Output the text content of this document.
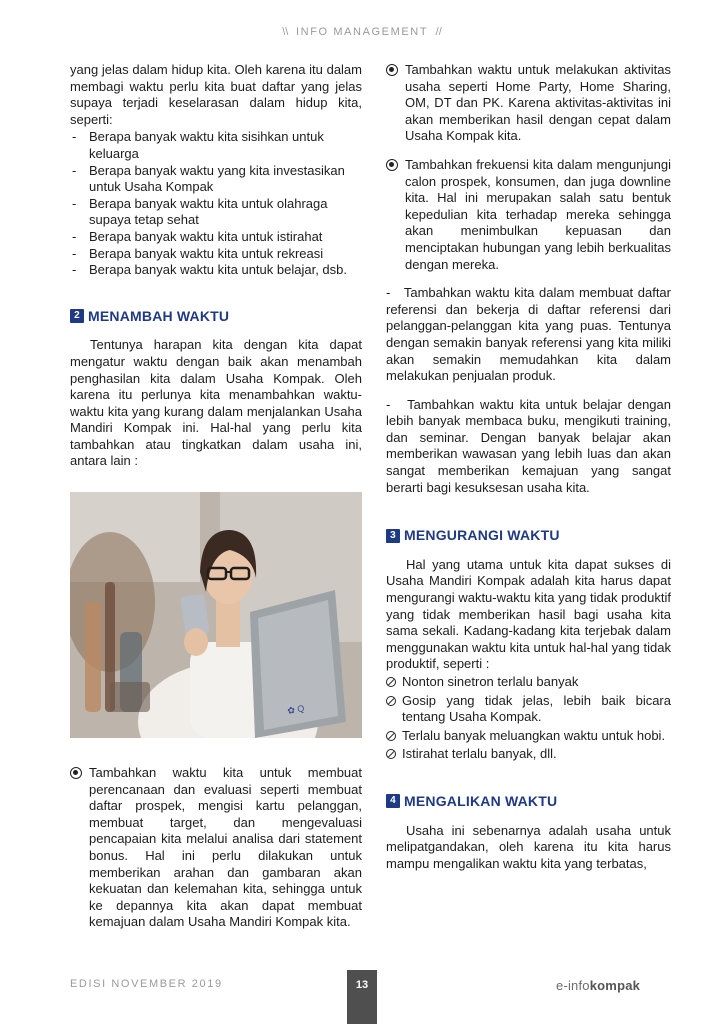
\\ INFO MANAGEMENT //

yang jelas dalam hidup kita. Oleh karena itu dalam membagi waktu perlu kita buat daftar yang jelas supaya terjadi keselarasan dalam hidup kita, seperti:

- Berapa banyak waktu kita sisihkan untuk keluarga
- Berapa banyak waktu yang kita investasikan untuk Usaha Kompak
- Berapa banyak waktu kita untuk olahraga supaya tetap sehat
- Berapa banyak waktu kita untuk istirahat
- Berapa banyak waktu kita untuk rekreasi
- Berapa banyak waktu kita untuk belajar, dsb.
2 MENAMBAH WAKTU

Tentunya harapan kita dengan kita dapat mengatur waktu dengan baik akan menambah penghasilan kita dalam Usaha Kompak. Oleh karena itu perlunya kita menambahkan waktu-waktu kita yang kurang dalam menjalankan Usaha Mandiri Kompak ini. Hal-hal yang perlu kita tambahkan atau tingkatkan dalam usaha ini, antara lain :

✿ Q

Tambahkan waktu kita untuk membuat perencanaan dan evaluasi seperti membuat daftar prospek, mengisi kartu pelanggan, membuat target, dan mengevaluasi pencapaian kita melalui analisa dari statement bonus. Hal ini perlu dilakukan untuk memberikan arahan dan gambaran akan kekuatan dan kelemahan kita, sehingga untuk ke depannya kita akan dapat membuat kemajuan dalam Usaha Mandiri Kompak kita.

Tambahkan waktu untuk melakukan aktivitas usaha seperti Home Party, Home Sharing, OM, DT dan PK. Karena aktivitas-aktivitas ini akan memberikan hasil dengan cepat dalam Usaha Kompak kita.

Tambahkan frekuensi kita dalam mengunjungi calon prospek, konsumen, dan juga downline kita. Hal ini merupakan salah satu bentuk kepedulian kita terhadap mereka sehingga akan menimbulkan kepuasan dan menciptakan hubungan yang lebih berkualitas dengan mereka.

-   Tambahkan waktu kita dalam membuat daftar referensi dan bekerja di daftar referensi dari pelanggan-pelanggan kita yang puas. Tentunya dengan semakin banyak referensi yang kita miliki akan semakin memudahkan kita dalam melakukan penjualan produk.

-   Tambahkan waktu kita untuk belajar dengan lebih banyak membaca buku, mengikuti training, dan seminar. Dengan banyak belajar akan memberikan wawasan yang lebih luas dan akan sangat memberikan kemajuan yang sangat berarti bagi kesuksesan usaha kita.

3 MENGURANGI WAKTU

Hal yang utama untuk kita dapat sukses di Usaha Mandiri Kompak adalah kita harus dapat mengurangi waktu-waktu kita yang tidak produktif yang tidak memberikan hasil bagi usaha kita sama sekali. Kadang-kadang kita terjebak dalam menggunakan waktu kita untuk hal-hal yang tidak produktif, seperti :

Nonton sinetron terlalu banyak

Gosip yang tidak jelas, lebih baik bicara tentang Usaha Kompak.

Terlalu banyak meluangkan waktu untuk hobi.

Istirahat terlalu banyak, dll.

4 MENGALIKAN WAKTU

Usaha ini sebenarnya adalah usaha untuk melipatgandakan, oleh karena itu kita harus mampu mengalikan waktu kita yang terbatas,

EDISI NOVEMBER 2019	13	e-infokompak
